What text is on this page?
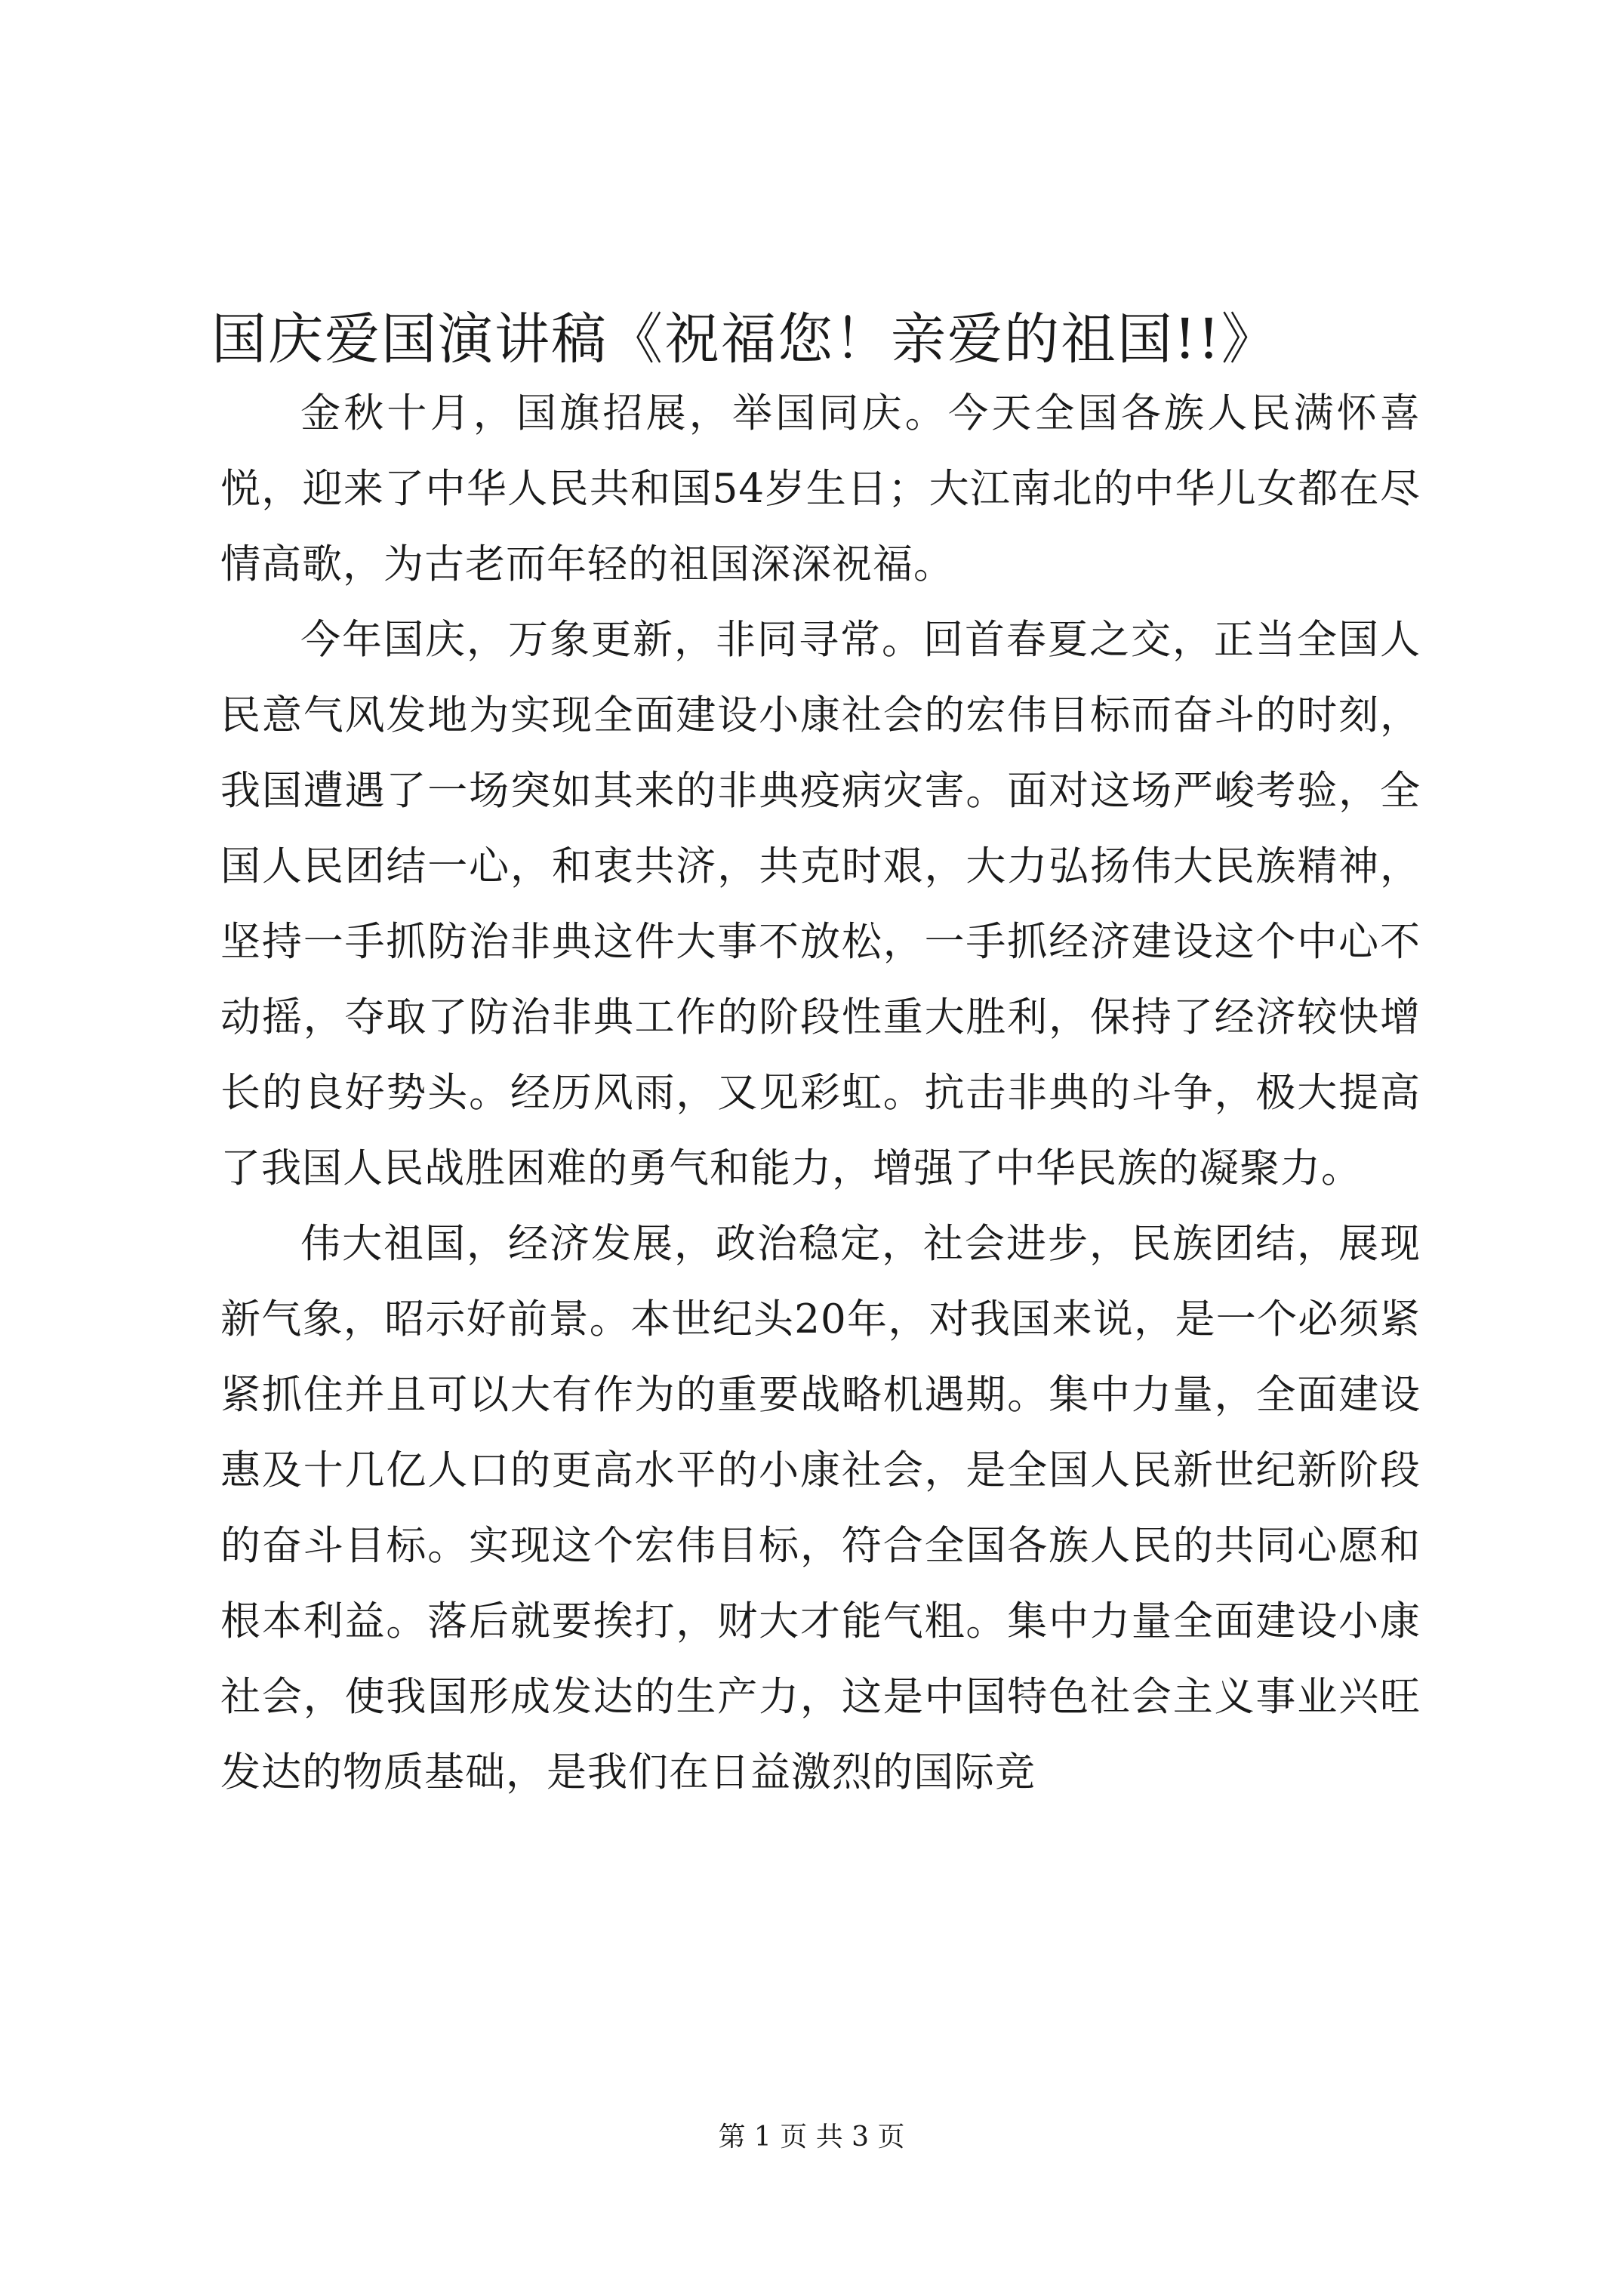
国庆爱国演讲稿《祝福您！亲爱的祖国!!》

金秋十月，国旗招展，举国同庆。今天全国各族人民满怀喜悦，迎来了中华人民共和国54岁生日；大江南北的中华儿女都在尽情高歌，为古老而年轻的祖国深深祝福。

今年国庆，万象更新，非同寻常。回首春夏之交，正当全国人民意气风发地为实现全面建设小康社会的宏伟目标而奋斗的时刻，我国遭遇了一场突如其来的非典疫病灾害。面对这场严峻考验，全国人民团结一心，和衷共济，共克时艰，大力弘扬伟大民族精神，坚持一手抓防治非典这件大事不放松，一手抓经济建设这个中心不动摇，夺取了防治非典工作的阶段性重大胜利，保持了经济较快增长的良好势头。经历风雨，又见彩虹。抗击非典的斗争，极大提高了我国人民战胜困难的勇气和能力，增强了中华民族的凝聚力。

伟大祖国，经济发展，政治稳定，社会进步，民族团结，展现新气象，昭示好前景。本世纪头20年，对我国来说，是一个必须紧紧抓住并且可以大有作为的重要战略机遇期。集中力量，全面建设惠及十几亿人口的更高水平的小康社会，是全国人民新世纪新阶段的奋斗目标。实现这个宏伟目标，符合全国各族人民的共同心愿和根本利益。落后就要挨打，财大才能气粗。集中力量全面建设小康社会，使我国形成发达的生产力，这是中国特色社会主义事业兴旺发达的物质基础，是我们在日益激烈的国际竞

第 1 页 共 3 页
